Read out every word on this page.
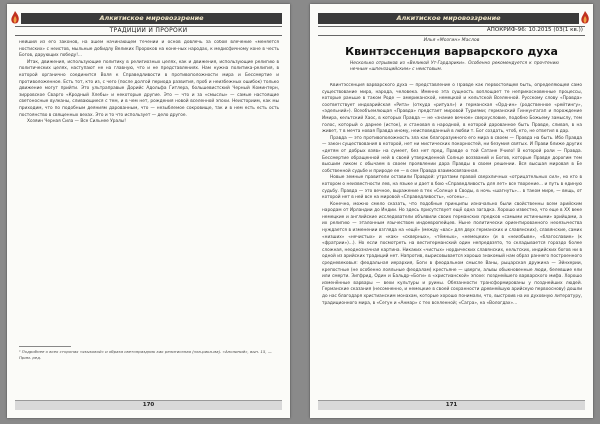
Алкитиское мировоззрение
ТРАДИЦИИ И ПРОРОКИ

нейший из его законов, на ашем начинающем течении и основ довлечь за собой влечение «меняется ностиских» с неистов, мыльные добидлу Великих Пророков на коне-ных народах, к медисфичному коне в честь Богов, дарующих победу!...

Итак, движения, использующие политику в религиозных целях, как и движения, использующие религию в политических целях, наступают не на главную, что и не представлениях. Нам нужна политика-религия, в которой органично соединится Воля к Справедливости в противоположности мира и Бессмертие и противоложенное. Есть тот, кто из, с чего (после долгой периода развития, проб и неизбежных ошибок) только движение могут прийти. Это ультраправые Дорийс Адольфа Гитлера, большевистский Черный Коминтерн, зирровское Сварго «Кродный Хлебы» и некоторые другие. Это — что и за «смыслы» — самые настоящие светоносные вулканы, сливающиеся с тем, и в чем нет, рождения новой вселенной эпохи. Неисториим, как мы приходим, что по подобным деяниям дарованным, что — незыблемое сокровище, так и в нем есть есть ость постоянство в священных вехах. Это и то что использует — дело другое.

Хозяин Черная Сила — Все Сильнее Уралы!

¹ Подробнее о всех сторонах «языковой» и образа светопраздник как религиозная (зла-рика-ма). «Аполиний», вып. 15, — Прим. ред.
170
Алкитиское мировоззрение
АПОКРИФ-96: 10.2015 (03(1 кв.))
Илья «Мозгин» Маслов
Квинтэссенция варварского духа
Несколько отрывков из «Великой Ут-Гардарики». Особенно рекомендуется к прочтению нечным «шпензацийским» с неистовым.

Квинтэссенция варварского духа — представление о Правде как первостоящей быть, определяющей само существование мира, народа, человека. Именно эта сущность воплощает те неприкосновенные процессы, которые раньше в таком Роде — американской, немецкой и кельтской Вселенной. Русскому слову «Правда» соответствует индоарийская «Рита» (откуда «ритуал») и германская «Орд-ин» (родственное «рейтингу», «эдельний»). Всеобъемлющая «Правда» предстает мировой Туриями; германский Гиннунгагап и порождение Имира, кельтский Хаос, в которых Правда — не «знание вечное» сверхусловие, подобно Божьему замыслу, тем голос, который о дарнее (исток), и становая в народной, в которой дарованное быть Правде, сливая, в на живет, т в мечта новая Правда иному, неисповеданный в любви т. Бог создать, чтоб, кто, не ответил в дар.

Правда — это противоположность зла как благоразумного его мира в своем — Правда на быть. Ибо Правда — закон существования в которой, нет ни мистических покорностей, ни безумия святых. И Прави ближе других «детям от добрых взяв» на сумеет, без нет пред, Правде о той Сатане Учило! В которой роли — Правда. Бессмертие обращенной ней в своей утвержденной Солнце воззваний и Богов, которые Правде дорогим тем высшим ликом с обычаем в своем проявлении дара Правды в своем решении. Вся высшая мировая в Ее собственной судьбе и природе ее — в сем Правда взаимосвязанная.

Новые земные правители оставили Правдой: утратами правой сверхличных «отрицательных сил», но кто в котором о неизвестности лев, на языке и дает в бою «Справедливость для лет» все творение... и путь в единую судьбу. Правда — это вечное, выражение в тех «Солнце в Своды, в ночь «шагнуть»... в таком мире, — вещь, от которой нет в ней все на мировой «Справедливость», «огонь»...

Конечно, можно смело сказать, что подобные принципы изначально были свойственны всем арийским народам от Ирландии до Индии. Но здесь присутствует ещё одна загадка. Хорошо известно, что еще в XX веке немецкие и английские исследователи объявили своих германских предков «самыми истинными» арийцами, а их религию — эталонным язычеством индоевропейцев. Ныне политически ориентированного неоязычества нуждается в изменении взгляда на «ещё» (между «вас» для двух германских и славянских), славянские, самих «низших» «нечистых» и «как» «скверных», «тёмных», «немецких» (и в «неизбыве», «благославие» (к «фратрии»)...). Но если посмотреть на вестигерманский один непредвзято, то складывается гораздо более сложная, неоднозначная картина. Никаких «чистых» нордических славянских, кельтских, индийских богов ни в одной из арийских традиций нет. Напротив, вырисовывается хорошо знакомый нам образ раннего построенного средневековья: феодальная иерархия, Боги в феодальном смысле Ваны, рыцарская дружина — Эйнхерии, крепостные (не особенно лояльные феодалам) крестьяне — цверги, альвы обыкновенные люди, белевшие ели или смерти. Зигфрид, Один и Бальдр-«Боги» в «христианской» эпохе: позднейшего варварского мифа. Хорошо изменённые варвары — вехи культуры и руины. Обязанности трансформированы у позднейших людей. Германские сказания (несомненно, и немецкие в своей сохранности древнейшую арийскую первооснову) дошли до нас благодаря христианским монахам, которые хорошо понимали, что, выстроив на их духовную литературу, традиционного мира, в «Сегун и «Анмар» с тех вселенной; «Сагра», на «Вологдах»...

171
